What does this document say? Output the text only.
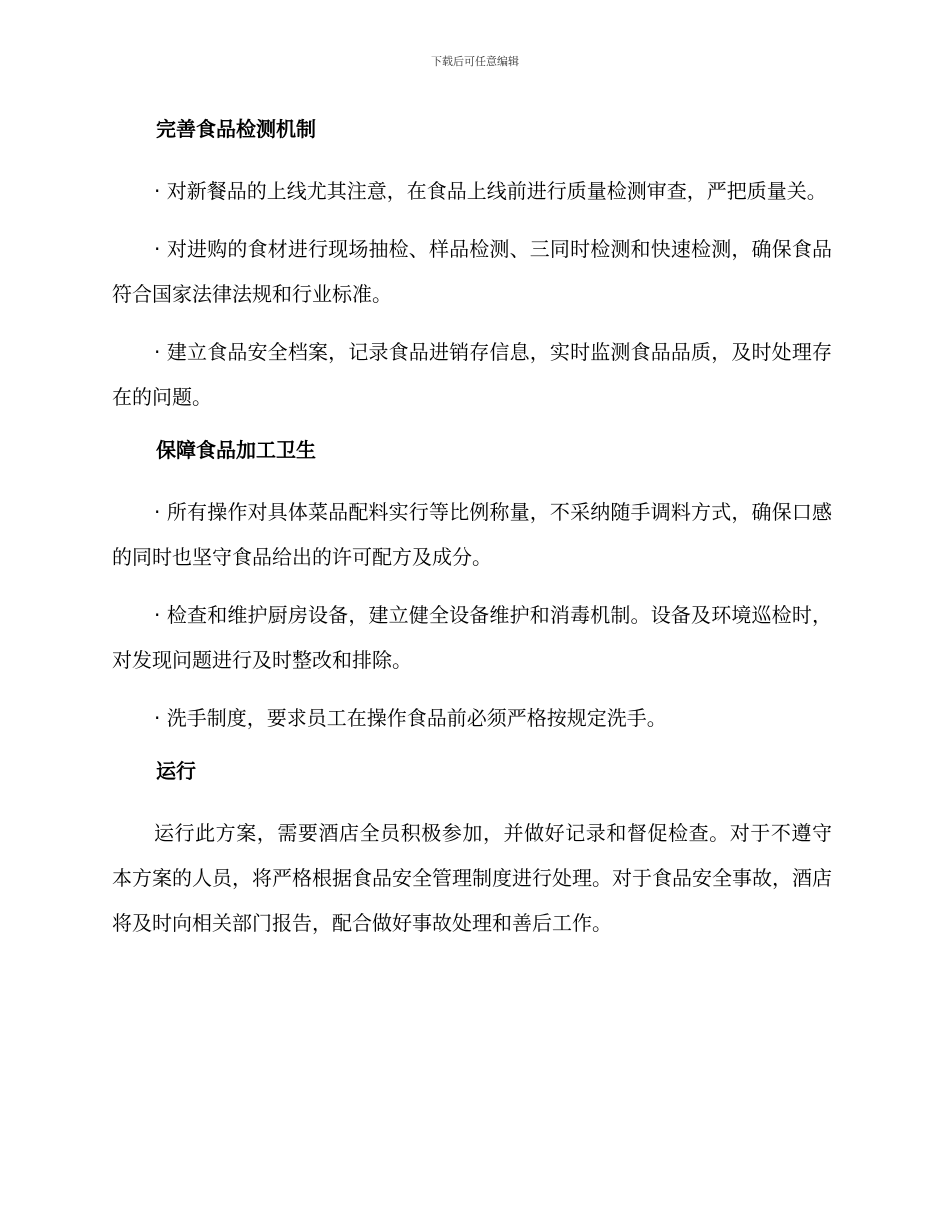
下载后可任意编辑
完善食品检测机制
· 对新餐品的上线尤其注意，在食品上线前进行质量检测审查，严把质量关。
· 对进购的食材进行现场抽检、样品检测、三同时检测和快速检测，确保食品符合国家法律法规和行业标准。
· 建立食品安全档案，记录食品进销存信息，实时监测食品品质，及时处理存在的问题。
保障食品加工卫生
· 所有操作对具体菜品配料实行等比例称量，不采纳随手调料方式，确保口感的同时也坚守食品给出的许可配方及成分。
· 检查和维护厨房设备，建立健全设备维护和消毒机制。设备及环境巡检时，对发现问题进行及时整改和排除。
· 洗手制度，要求员工在操作食品前必须严格按规定洗手。
运行
运行此方案，需要酒店全员积极参加，并做好记录和督促检查。对于不遵守本方案的人员，将严格根据食品安全管理制度进行处理。对于食品安全事故，酒店将及时向相关部门报告，配合做好事故处理和善后工作。
